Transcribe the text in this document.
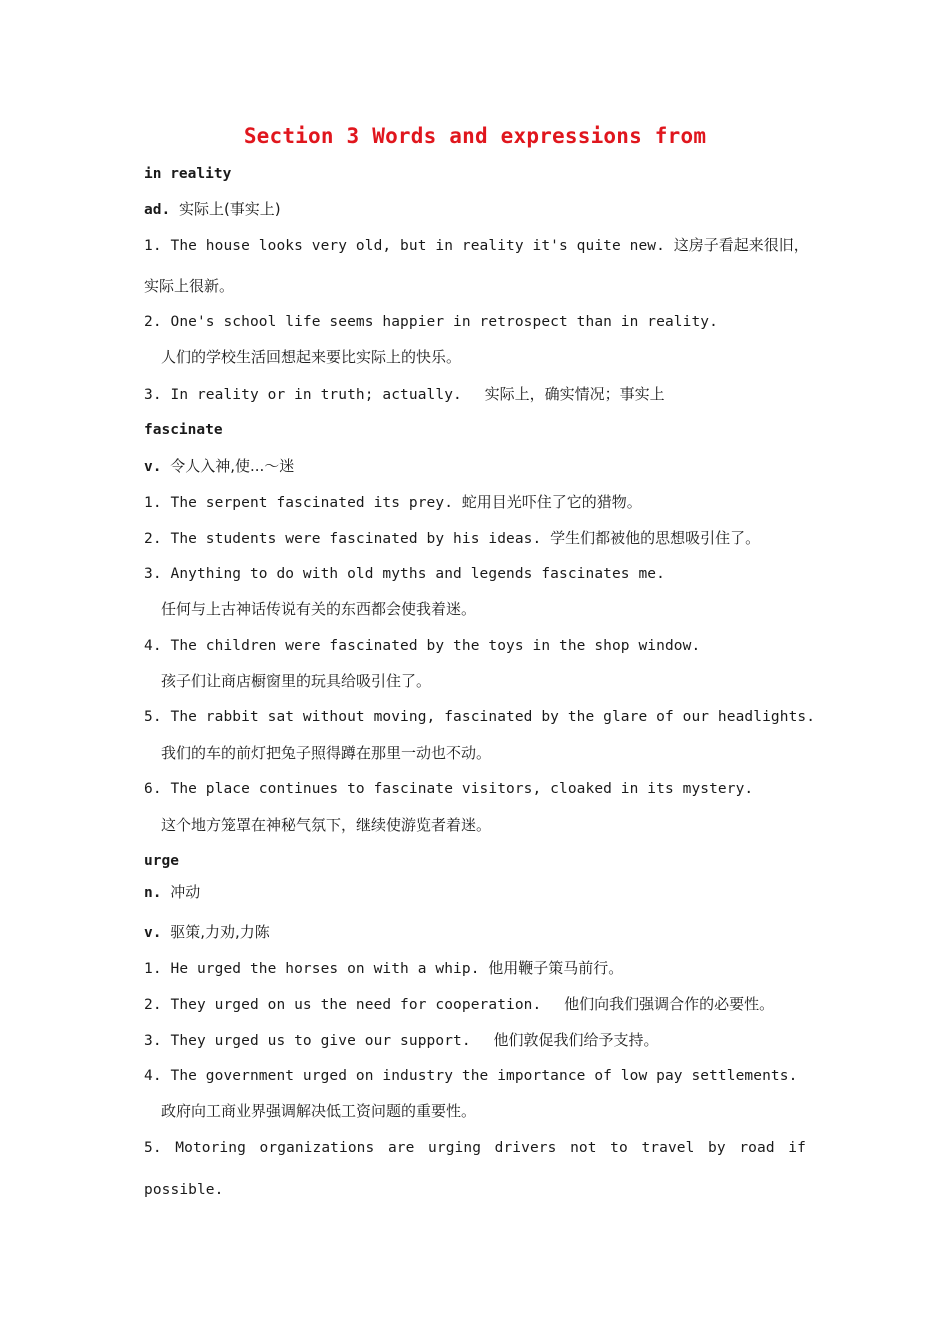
Section 3 Words and expressions from
in reality
ad. 实际上(事实上)
1. The house looks very old, but in reality it's quite new. 这房子看起来很旧，
实际上很新。
2. One's school life seems happier in retrospect than in reality.
人们的学校生活回想起来要比实际上的快乐。
3. In reality or in truth; actually. 实际上，确实情况；事实上
fascinate
v. 令人入神,使...～迷
1. The serpent fascinated its prey. 蛇用目光吓住了它的猎物。
2. The students were fascinated by his ideas. 学生们都被他的思想吸引住了。
3. Anything to do with old myths and legends fascinates me.
任何与上古神话传说有关的东西都会使我着迷。
4. The children were fascinated by the toys in the shop window.
孩子们让商店橱窗里的玩具给吸引住了。
5. The rabbit sat without moving, fascinated by the glare of our headlights.
我们的车的前灯把兔子照得蹲在那里一动也不动。
6. The place continues to fascinate visitors, cloaked in its mystery.
这个地方笼罩在神秘气氛下，继续使游览者着迷。
urge
n. 冲动
v. 驱策,力劝,力陈
1. He urged the horses on with a whip. 他用鞭子策马前行。
2. They urged on us the need for cooperation. 他们向我们强调合作的必要性。
3. They urged us to give our support. 他们敦促我们给予支持。
4. The government urged on industry the importance of low pay settlements.
政府向工商业界强调解决低工资问题的重要性。
5. Motoring organizations are urging drivers not to travel by road if
possible.
